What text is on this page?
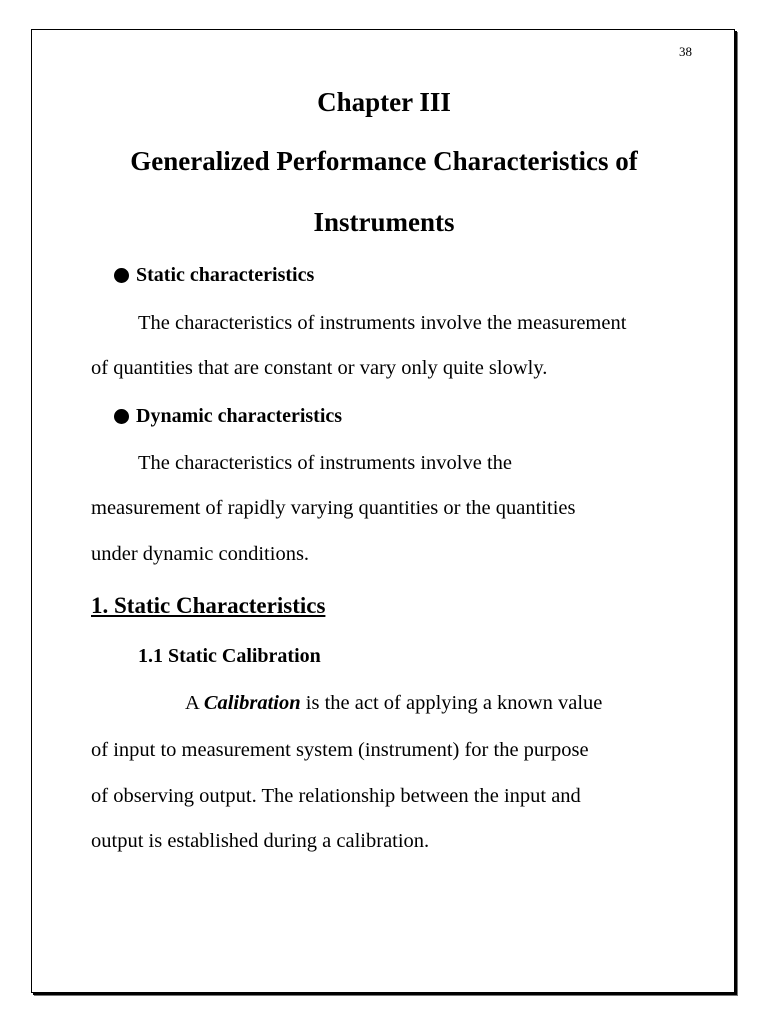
38
Chapter III
Generalized Performance Characteristics of
Instruments
Static characteristics
The characteristics of instruments involve the measurement
of quantities that are constant or vary only quite slowly.
Dynamic characteristics
The characteristics of instruments involve the
measurement of rapidly varying quantities or the quantities
under dynamic conditions.
1. Static Characteristics
1.1 Static Calibration
A Calibration is the act of applying a known value
of input to measurement system (instrument) for the purpose
of observing output. The relationship between the input and
output is established during a calibration.
